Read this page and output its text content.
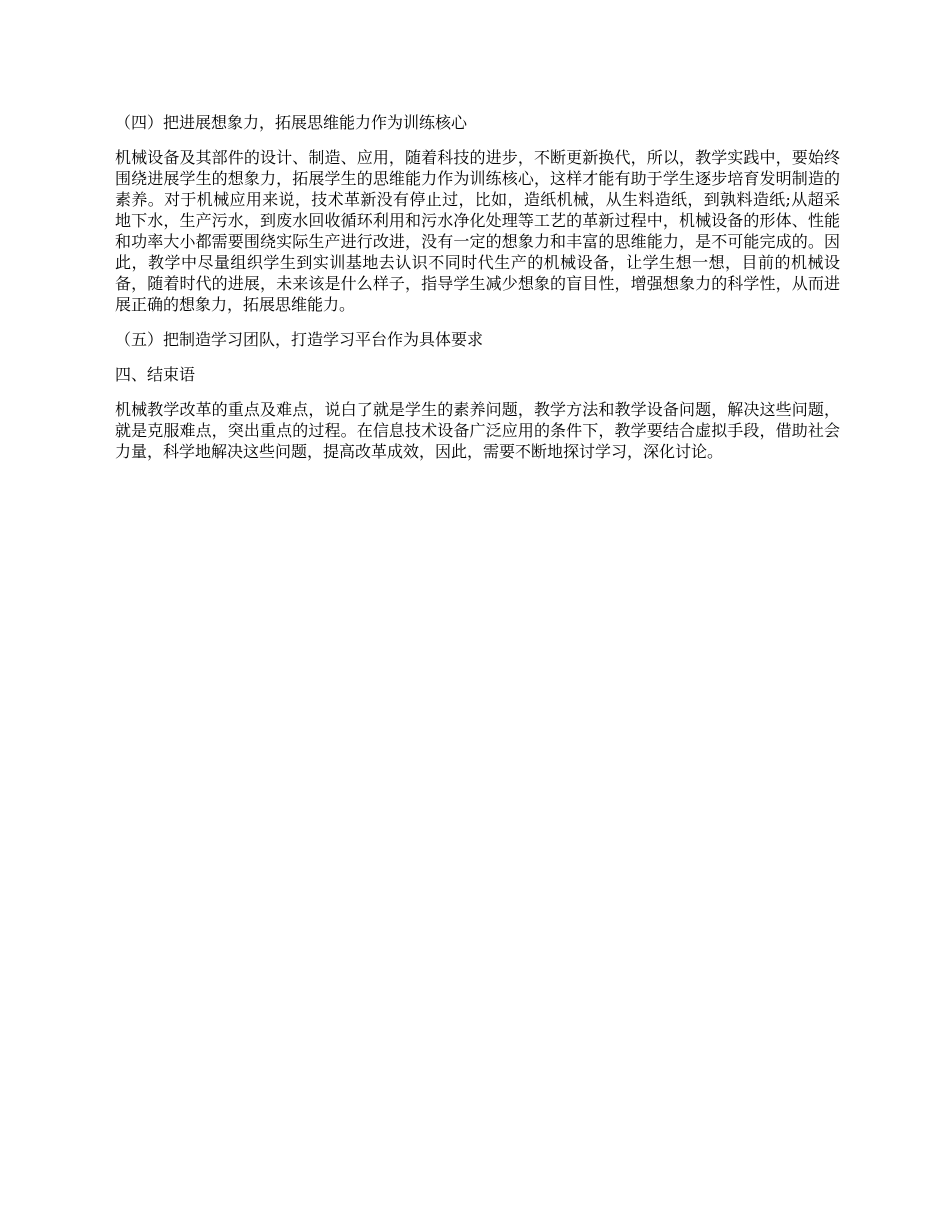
（四）把进展想象力，拓展思维能力作为训练核心

机械设备及其部件的设计、制造、应用，随着科技的进步，不断更新换代，所以，教学实践中，要始终围绕进展学生的想象力，拓展学生的思维能力作为训练核心，这样才能有助于学生逐步培育发明制造的素养。对于机械应用来说，技术革新没有停止过，比如，造纸机械，从生料造纸，到孰料造纸;从超采地下水，生产污水，到废水回收循环利用和污水净化处理等工艺的革新过程中，机械设备的形体、性能和功率大小都需要围绕实际生产进行改进，没有一定的想象力和丰富的思维能力，是不可能完成的。因此，教学中尽量组织学生到实训基地去认识不同时代生产的机械设备，让学生想一想，目前的机械设备，随着时代的进展，未来该是什么样子，指导学生减少想象的盲目性，增强想象力的科学性，从而进展正确的想象力，拓展思维能力。

（五）把制造学习团队，打造学习平台作为具体要求

四、结束语

机械教学改革的重点及难点，说白了就是学生的素养问题，教学方法和教学设备问题，解决这些问题，就是克服难点，突出重点的过程。在信息技术设备广泛应用的条件下，教学要结合虚拟手段，借助社会力量，科学地解决这些问题，提高改革成效，因此，需要不断地探讨学习，深化讨论。
